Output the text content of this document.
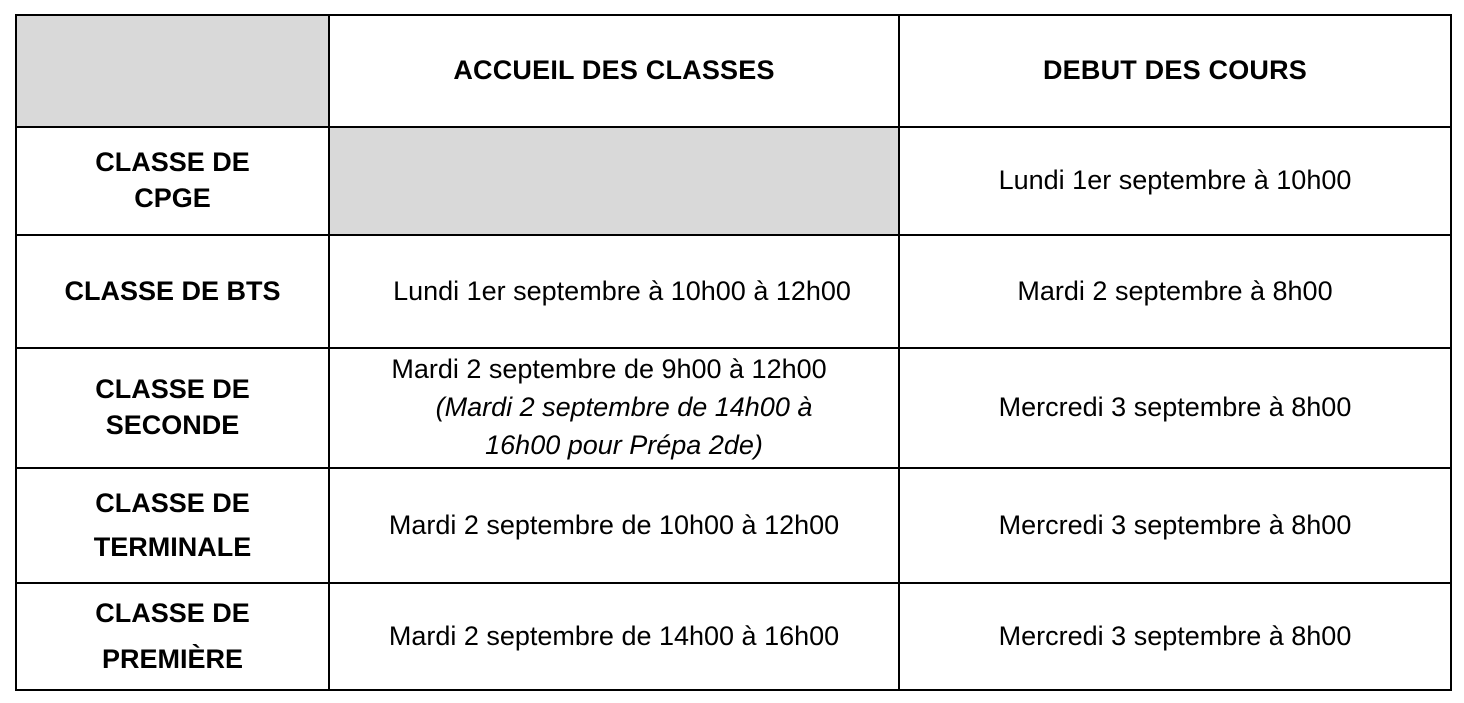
	ACCUEIL DES CLASSES	DEBUT DES COURS

CLASSE DE
CPGE		Lundi 1er septembre à 10h00

CLASSE DE BTS	Lundi 1er septembre à 10h00 à 12h00	Mardi 2 septembre à 8h00

CLASSE DE
SECONDE	Mardi 2 septembre de 9h00 à 12h00
(Mardi 2 septembre de 14h00 à
16h00 pour Prépa 2de)	Mercredi 3 septembre à 8h00

CLASSE DE
TERMINALE	Mardi 2 septembre de 10h00 à 12h00	Mercredi 3 septembre à 8h00

CLASSE DE
PREMIÈRE	Mardi 2 septembre de 14h00 à 16h00	Mercredi 3 septembre à 8h00
